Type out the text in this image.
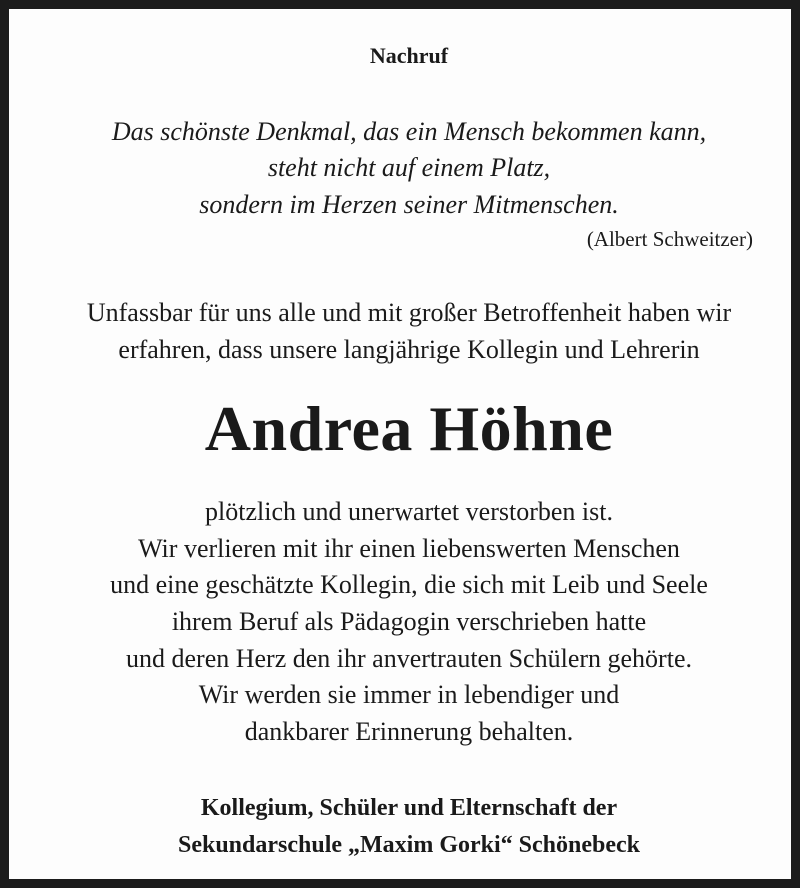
Nachruf
Das schönste Denkmal, das ein Mensch bekommen kann,
steht nicht auf einem Platz,
sondern im Herzen seiner Mitmenschen.
(Albert Schweitzer)
Unfassbar für uns alle und mit großer Betroffenheit haben wir
erfahren, dass unsere langjährige Kollegin und Lehrerin
Andrea Höhne
plötzlich und unerwartet verstorben ist.
Wir verlieren mit ihr einen liebenswerten Menschen
und eine geschätzte Kollegin, die sich mit Leib und Seele
ihrem Beruf als Pädagogin verschrieben hatte
und deren Herz den ihr anvertrauten Schülern gehörte.
Wir werden sie immer in lebendiger und
dankbarer Erinnerung behalten.
Kollegium, Schüler und Elternschaft der
Sekundarschule „Maxim Gorki“ Schönebeck
